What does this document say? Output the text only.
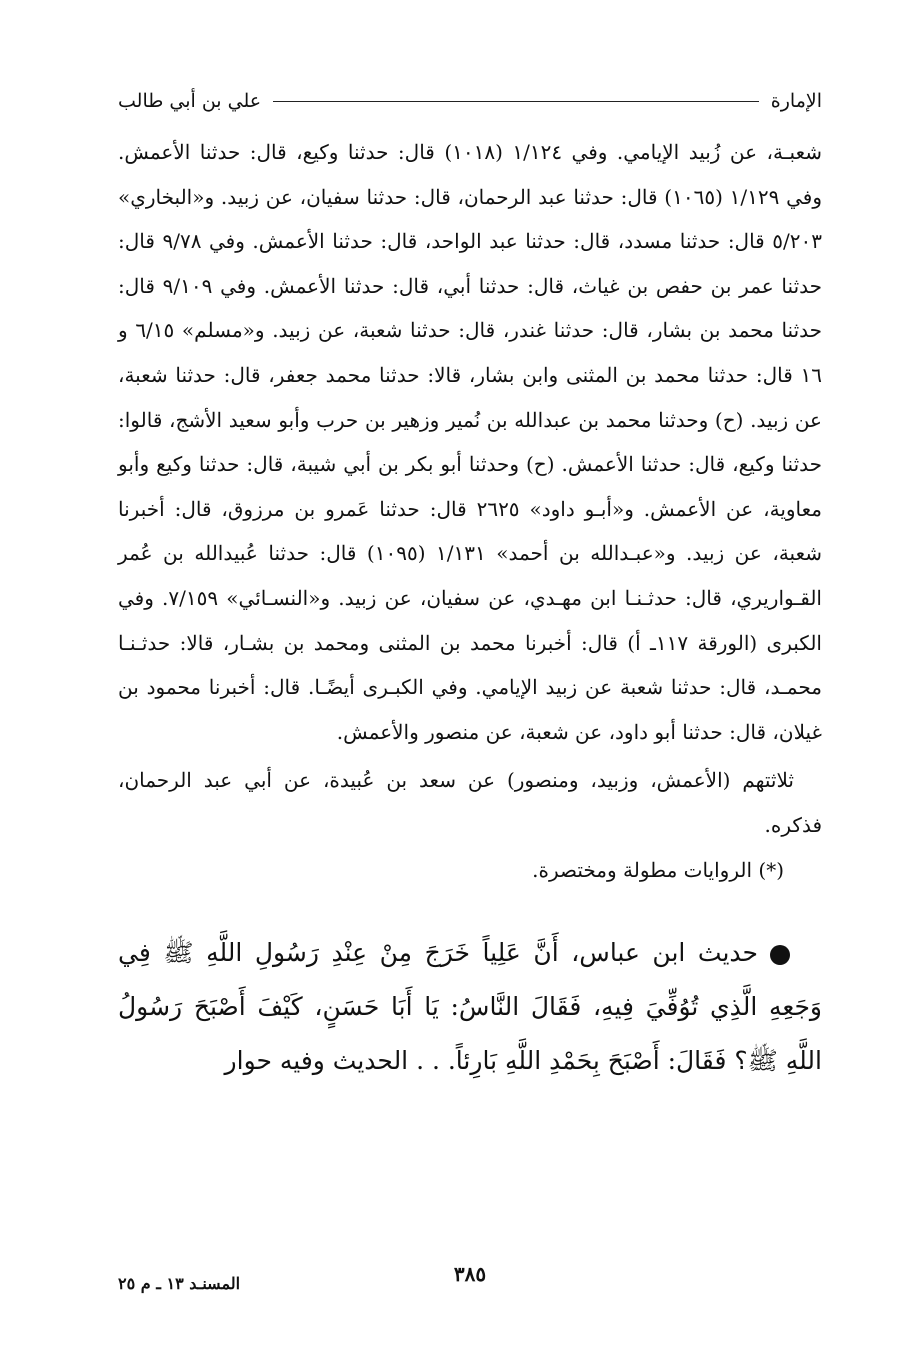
الإمارة
علي بن أبي طالب

شعبـة، عن زُبيد الإيامي. وفي ١/١٢٤ (١٠١٨) قال: حدثنا وكيع، قال: حدثنا الأعمش. وفي ١/١٢٩ (١٠٦٥) قال: حدثنا عبد الرحمان، قال: حدثنا سفيان، عن زبيد. و«البخاري» ٥/٢٠٣ قال: حدثنا مسدد، قال: حدثنا عبد الواحد، قال: حدثنا الأعمش. وفي ٩/٧٨ قال: حدثنا عمر بن حفص بن غياث، قال: حدثنا أبي، قال: حدثنا الأعمش. وفي ٩/١٠٩ قال: حدثنا محمد بن بشار، قال: حدثنا غندر، قال: حدثنا شعبة، عن زبيد. و«مسلم» ٦/١٥ و ١٦ قال: حدثنا محمد بن المثنى وابن بشار، قالا: حدثنا محمد جعفر، قال: حدثنا شعبة، عن زبيد. (ح) وحدثنا محمد بن عبدالله بن نُمير وزهير بن حرب وأبو سعيد الأشج، قالوا: حدثنا وكيع، قال: حدثنا الأعمش. (ح) وحدثنا أبو بكر بن أبي شيبة، قال: حدثنا وكيع وأبو معاوية، عن الأعمش. و«أبـو داود» ٢٦٢٥ قال: حدثنا عَمرو بن مرزوق، قال: أخبرنا شعبة، عن زبيد. و«عبـدالله بن أحمد» ١/١٣١ (١٠٩٥) قال: حدثنا عُبيدالله بن عُمر القـواريري، قال: حدثـنـا ابن مهـدي، عن سفيان، عن زبيد. و«النسـائي» ٧/١٥٩. وفي الكبرى (الورقة ١١٧ـ أ) قال: أخبرنا محمد بن المثنى ومحمد بن بشـار، قالا: حدثـنـا محمـد، قال: حدثنا شعبة عن زبيد الإيامي. وفي الكبـرى أيضًـا. قال: أخبرنا محمود بن غيلان، قال: حدثنا أبو داود، عن شعبة، عن منصور والأعمش.

ثلاثتهم (الأعمش، وزبيد، ومنصور) عن سعد بن عُبيدة، عن أبي عبد الرحمان، فذكره.

(*) الروايات مطولة ومختصرة.

حديث ابن عباس، أَنَّ عَلِياً خَرَجَ مِنْ عِنْدِ رَسُولِ اللَّهِ ﷺ فِي وَجَعِهِ الَّذِي تُوُفِّيَ فِيهِ، فَقَالَ النَّاسُ: يَا أَبَا حَسَنٍ، كَيْفَ أَصْبَحَ رَسُولُ اللَّهِ ﷺ؟ فَقَالَ: أَصْبَحَ بِحَمْدِ اللَّهِ بَارِئاً. . . الحديث وفيه حوار
٣٨٥
المسنـد ١٣ ـ م ٢٥
